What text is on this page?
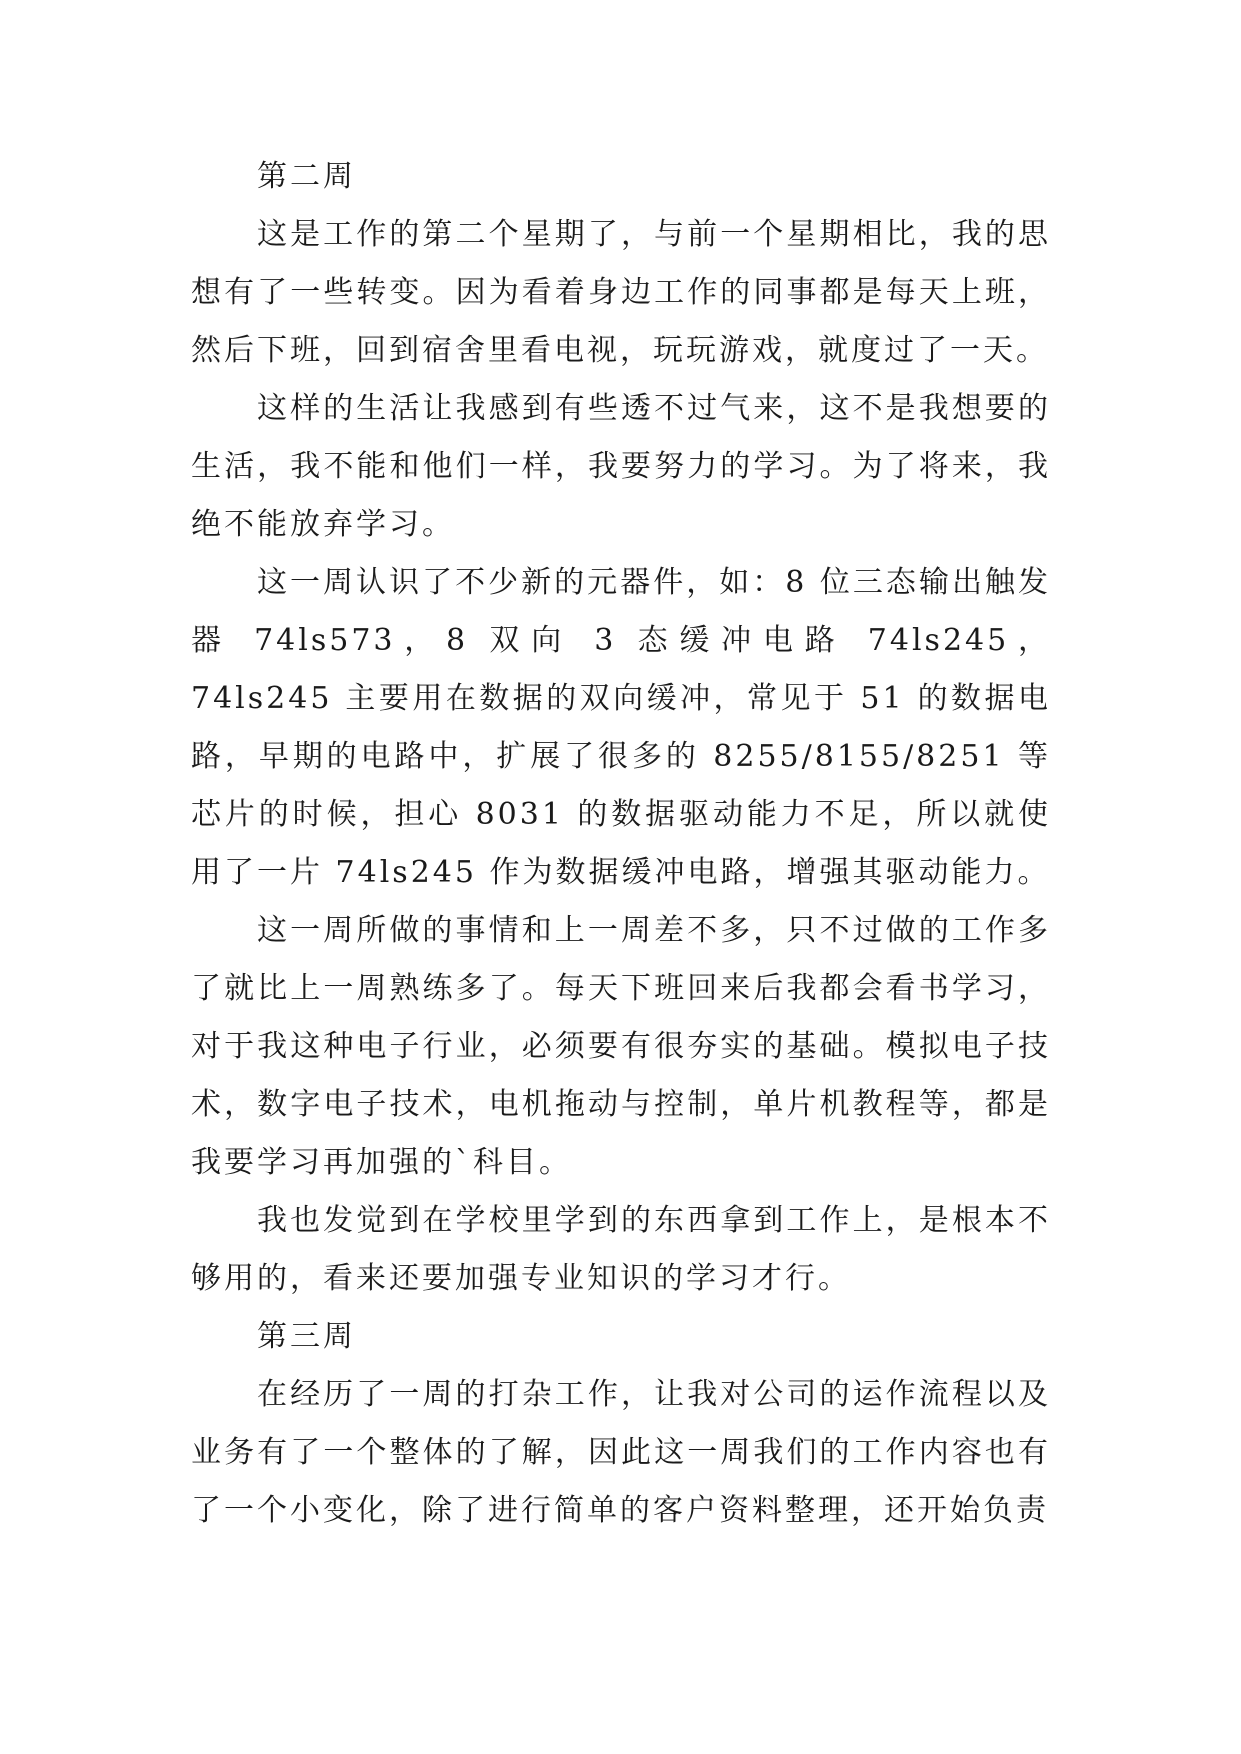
第二周

这是工作的第二个星期了，与前一个星期相比，我的思想有了一些转变。因为看着身边工作的同事都是每天上班，然后下班，回到宿舍里看电视，玩玩游戏，就度过了一天。

这样的生活让我感到有些透不过气来，这不是我想要的生活，我不能和他们一样，我要努力的学习。为了将来，我绝不能放弃学习。

这一周认识了不少新的元器件，如：8 位三态输出触发器 74ls573，8 双向 3 态缓冲电路 74ls245，74ls245 主要用在数据的双向缓冲，常见于 51 的数据电路，早期的电路中，扩展了很多的 8255/8155/8251 等芯片的时候，担心 8031 的数据驱动能力不足，所以就使用了一片 74ls245 作为数据缓冲电路，增强其驱动能力。

这一周所做的事情和上一周差不多，只不过做的工作多了就比上一周熟练多了。每天下班回来后我都会看书学习，对于我这种电子行业，必须要有很夯实的基础。模拟电子技术，数字电子技术，电机拖动与控制，单片机教程等，都是我要学习再加强的`科目。

我也发觉到在学校里学到的东西拿到工作上，是根本不够用的，看来还要加强专业知识的学习才行。

第三周

在经历了一周的打杂工作，让我对公司的运作流程以及业务有了一个整体的了解，因此这一周我们的工作内容也有了一个小变化，除了进行简单的客户资料整理，还开始负责
